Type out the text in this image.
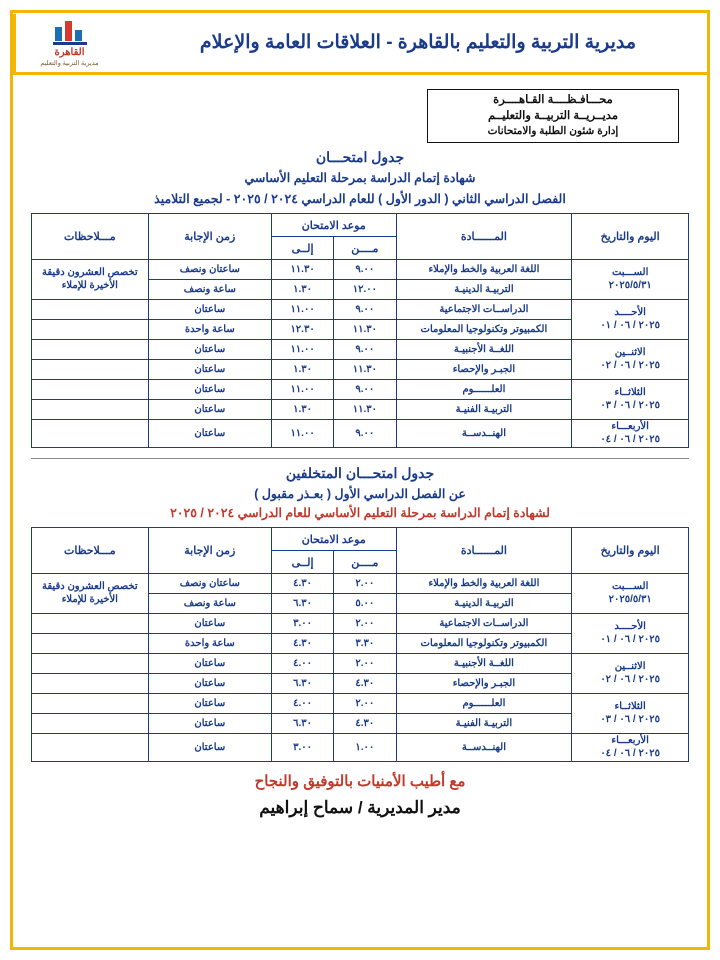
القاهرة
مديرية التربية والتعليم
مديرية التربية والتعليم بالقاهرة - العلاقات العامة والإعلام
محـــافـظــــة القـاهــــرة
مديــريــة التربيــة والتعليــم
إدارة شئون الطلبة والامتحانات
جدول امتحـــان
شهادة إتمام الدراسة بمرحلة التعليم الأساسي
الفصل الدراسي الثاني ( الدور الأول ) للعام الدراسي ٢٠٢٤ / ٢٠٢٥ - لجميع التلاميذ
اليوم والتاريخ	المــــــادة	موعد الامتحان		زمن الإجابة	مـــلاحظات
		مــــن	إلــى		
الســـبت
٢٠٢٥/٥/٣١	اللغة العربية والخط والإملاء	٩.٠٠	١١.٣٠	ساعتان ونصف	تخصص العشرون دقيقة الأخيرة للإملاء
	التربيـة الدينيـة	١٢.٠٠	١.٣٠	ساعة ونصف	
الأحــــد
٢٠٢٥ / ٠٦ / ٠١	الدراســات الاجتماعية	٩.٠٠	١١.٠٠	ساعتان	
	الكمبيوتر وتكنولوجيا المعلومات	١١.٣٠	١٢.٣٠	ساعة واحدة	
الاثنــين
٢٠٢٥ / ٠٦ / ٠٢	اللغــة الأجنبيـة	٩.٠٠	١١.٠٠	ساعتان	
	الجبـر والإحصاء	١١.٣٠	١.٣٠	ساعتان	
الثلاثــاء
٢٠٢٥ / ٠٦ / ٠٣	العلــــــوم	٩.٠٠	١١.٠٠	ساعتان	
	التربيـة الفنيـة	١١.٣٠	١.٣٠	ساعتان	
الأربعـــاء
٢٠٢٥ / ٠٦ / ٠٤	الهنــدســة	٩.٠٠	١١.٠٠	ساعتان	
جدول امتحـــان المتخلفين
عن الفصل الدراسي الأول ( بعـذر مقبول )
لشهادة إتمام الدراسة بمرحلة التعليم الأساسي للعام الدراسي ٢٠٢٤ / ٢٠٢٥
اليوم والتاريخ	المــــــادة	موعد الامتحان		زمن الإجابة	مـــلاحظات
		مــــن	إلــى		
الســـبت
٢٠٢٥/٥/٣١	اللغة العربية والخط والإملاء	٢.٠٠	٤.٣٠	ساعتان ونصف	تخصص العشرون دقيقة الأخيرة للإملاء
	التربيـة الدينيـة	٥.٠٠	٦.٣٠	ساعة ونصف	
الأحــــد
٢٠٢٥ / ٠٦ / ٠١	الدراســات الاجتماعية	٢.٠٠	٣.٠٠	ساعتان	
	الكمبيوتر وتكنولوجيا المعلومات	٣.٣٠	٤.٣٠	ساعة واحدة	
الاثنــين
٢٠٢٥ / ٠٦ / ٠٢	اللغــة الأجنبيـة	٢.٠٠	٤.٠٠	ساعتان	
	الجبـر والإحصاء	٤.٣٠	٦.٣٠	ساعتان	
الثلاثــاء
٢٠٢٥ / ٠٦ / ٠٣	العلــــــوم	٢.٠٠	٤.٠٠	ساعتان	
	التربيـة الفنيـة	٤.٣٠	٦.٣٠	ساعتان	
الأربعـــاء
٢٠٢٥ / ٠٦ / ٠٤	الهنــدســة	١.٠٠	٣.٠٠	ساعتان	
مع أطيب الأمنيات بالتوفيق والنجاح
مدير المديرية / سماح إبراهيم
